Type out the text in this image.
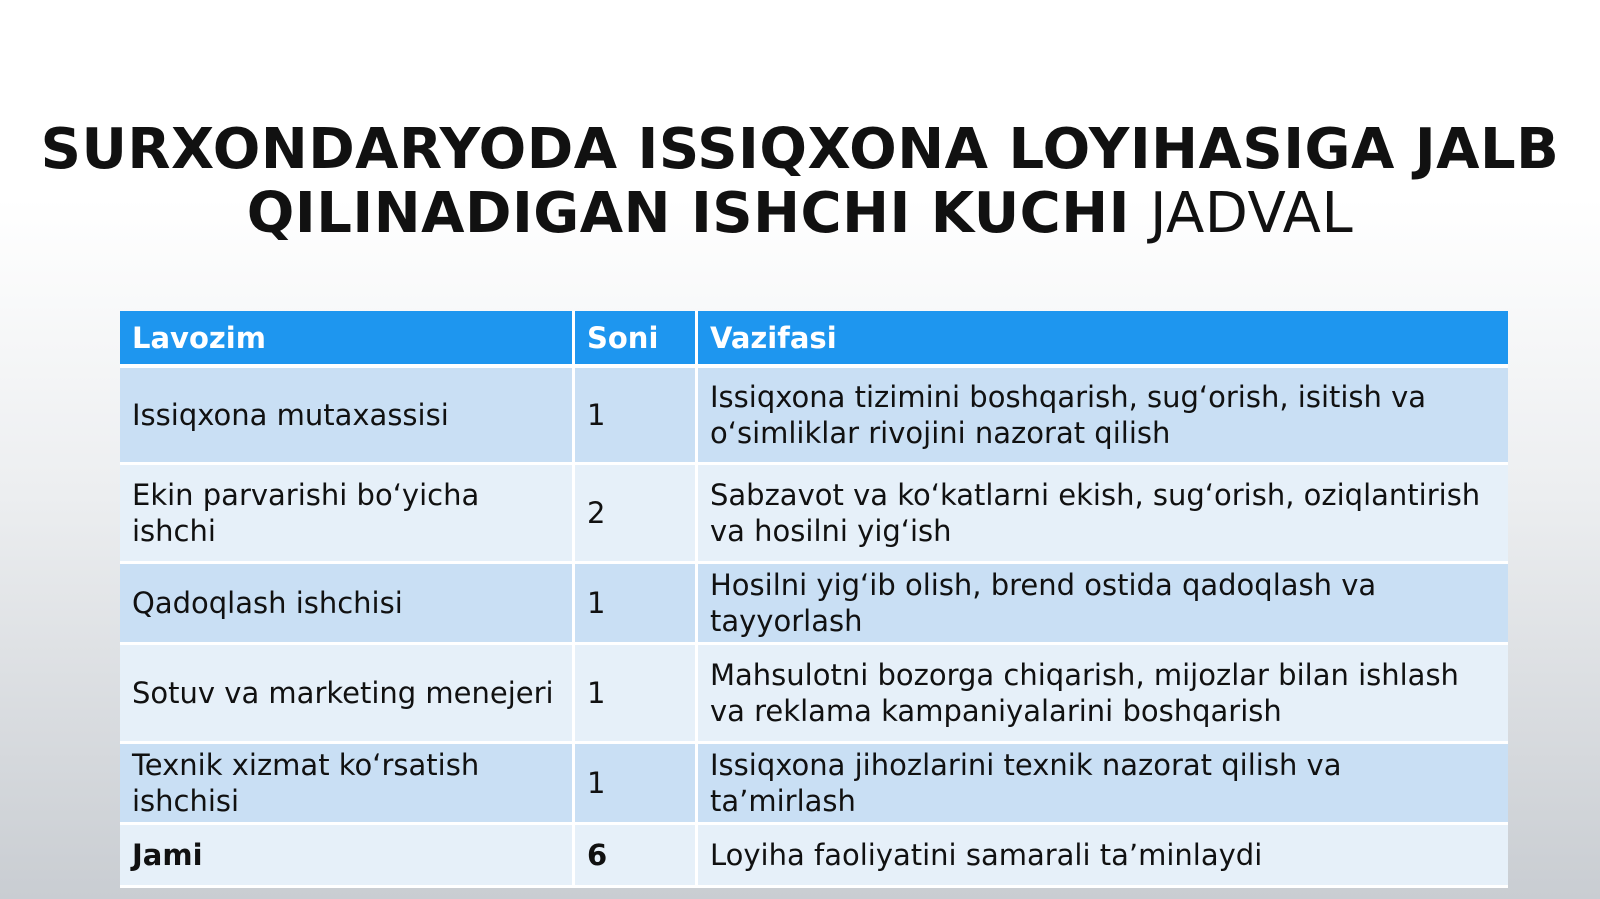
SURXONDARYODA ISSIQXONA LOYIHASIGA JALB QILINADIGAN ISHCHI KUCHI JADVAL
Lavozim	Soni	Vazifasi
Issiqxona mutaxassisi	1	Issiqxona tizimini boshqarish, sug‘orish, isitish va o‘simliklar rivojini nazorat qilish
Ekin parvarishi bo‘yicha ishchi	2	Sabzavot va ko‘katlarni ekish, sug‘orish, oziqlantirish va hosilni yig‘ish
Qadoqlash ishchisi	1	Hosilni yig‘ib olish, brend ostida qadoqlash va tayyorlash
Sotuv va marketing menejeri	1	Mahsulotni bozorga chiqarish, mijozlar bilan ishlash va reklama kampaniyalarini boshqarish
Texnik xizmat ko‘rsatish ishchisi	1	Issiqxona jihozlarini texnik nazorat qilish va ta’mirlash
Jami	6	Loyiha faoliyatini samarali ta’minlaydi
